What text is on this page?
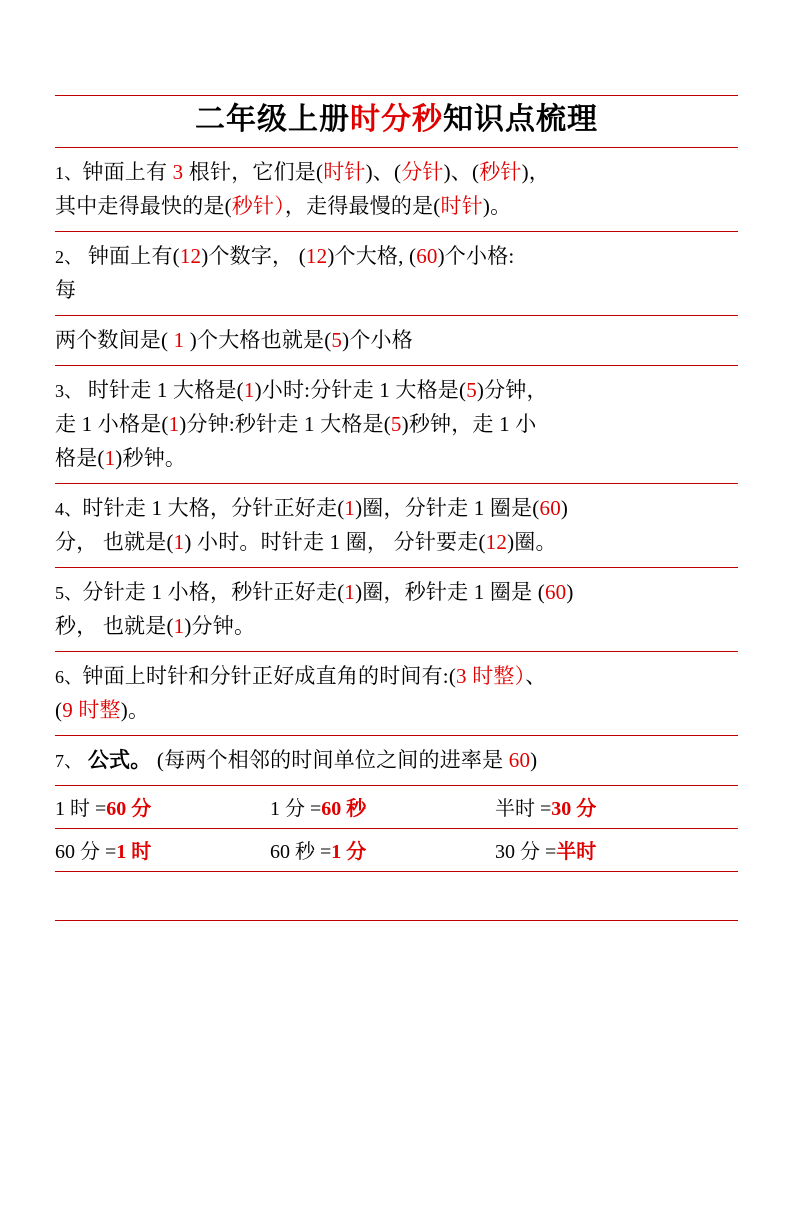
二年级上册时分秒知识点梳理
1、钟面上有 3 根针，它们是(时针)、(分针)、(秒针)，
其中走得最快的是(秒针），走得最慢的是(时针)。
2、 钟面上有(12)个数字， (12)个大格, (60)个小格:
每
两个数间是( 1 )个大格也就是(5)个小格
3、 时针走 1 大格是(1)小时:分针走 1 大格是(5)分钟，
走 1 小格是(1)分钟:秒针走 1 大格是(5)秒钟，走 1 小
格是(1)秒钟。
4、时针走 1 大格，分针正好走(1)圈，分针走 1 圈是(60)
分， 也就是(1) 小时。时针走 1 圈， 分针要走(12)圈。
5、分针走 1 小格，秒针正好走(1)圈，秒针走 1 圈是 (60)
秒， 也就是(1)分钟。
6、钟面上时针和分针正好成直角的时间有:(3 时整）、
(9 时整)。
7、 公式。 (每两个相邻的时间单位之间的进率是 60)
1 时 =60 分	1 分 =60 秒	半时 =30 分
60 分 =1 时	60 秒 =1 分	30 分 =半时
